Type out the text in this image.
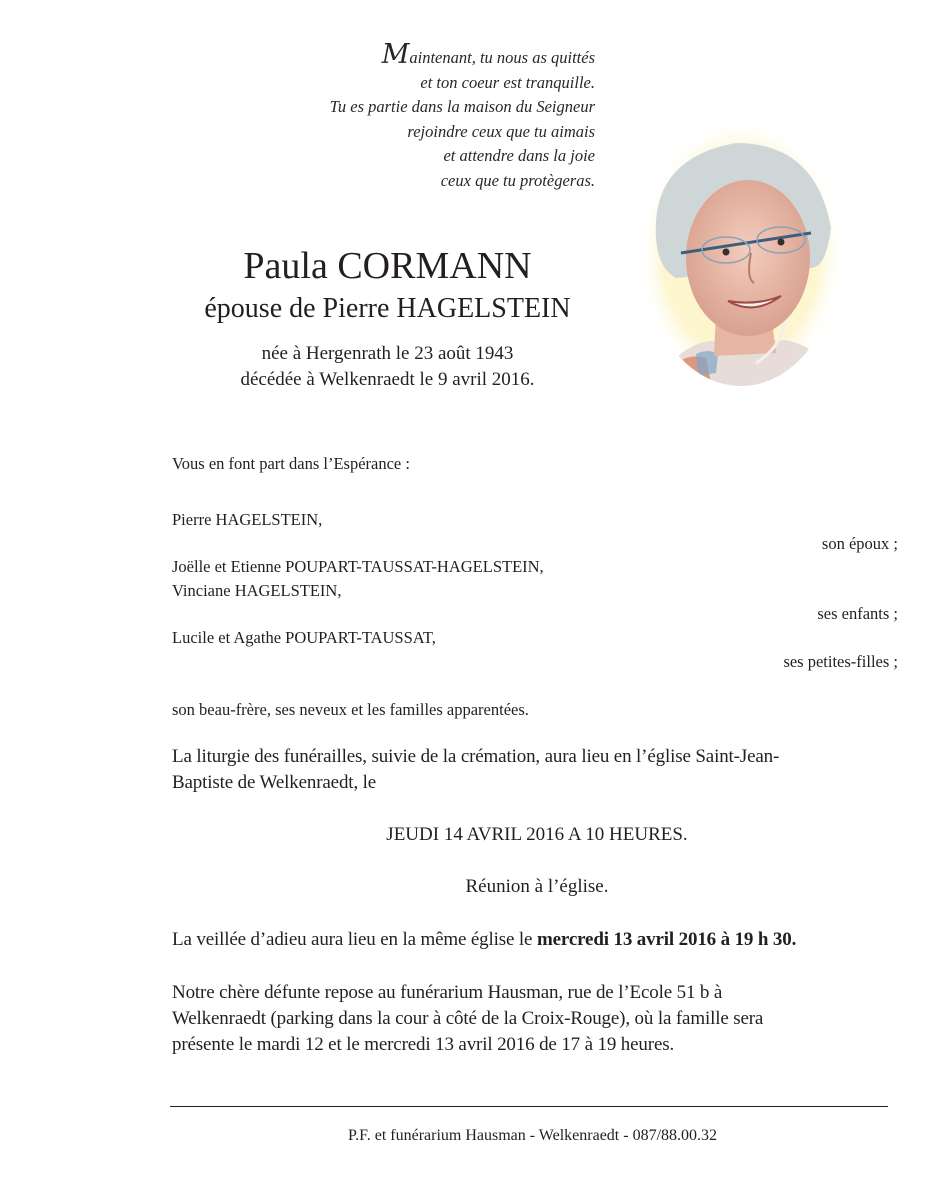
Maintenant, tu nous as quittés
et ton coeur est tranquille.
Tu es partie dans la maison du Seigneur
rejoindre ceux que tu aimais
et attendre dans la joie
ceux que tu protègeras.
Paula CORMANN
épouse de Pierre HAGELSTEIN
née à Hergenrath le 23 août 1943
décédée à Welkenraedt le 9 avril 2016.
Vous en font part dans l’Espérance :
Pierre HAGELSTEIN,
son époux ;
Joëlle et Etienne POUPART-TAUSSAT-HAGELSTEIN,
Vinciane HAGELSTEIN,
ses enfants ;
Lucile et Agathe POUPART-TAUSSAT,
ses petites-filles ;
son beau-frère, ses neveux et les familles apparentées.
La liturgie des funérailles, suivie de la crémation, aura lieu en l’église Saint-Jean-
Baptiste de Welkenraedt, le
JEUDI 14 AVRIL 2016 A 10 HEURES.
Réunion à l’église.
La veillée d’adieu aura lieu en la même église le mercredi 13 avril 2016 à 19 h 30.
Notre chère défunte repose au funérarium Hausman, rue de l’Ecole 51 b à
Welkenraedt (parking dans la cour à côté de la Croix-Rouge), où la famille sera
présente le mardi 12 et le mercredi 13 avril 2016 de 17 à 19 heures.
P.F. et funérarium Hausman - Welkenraedt - 087/88.00.32
